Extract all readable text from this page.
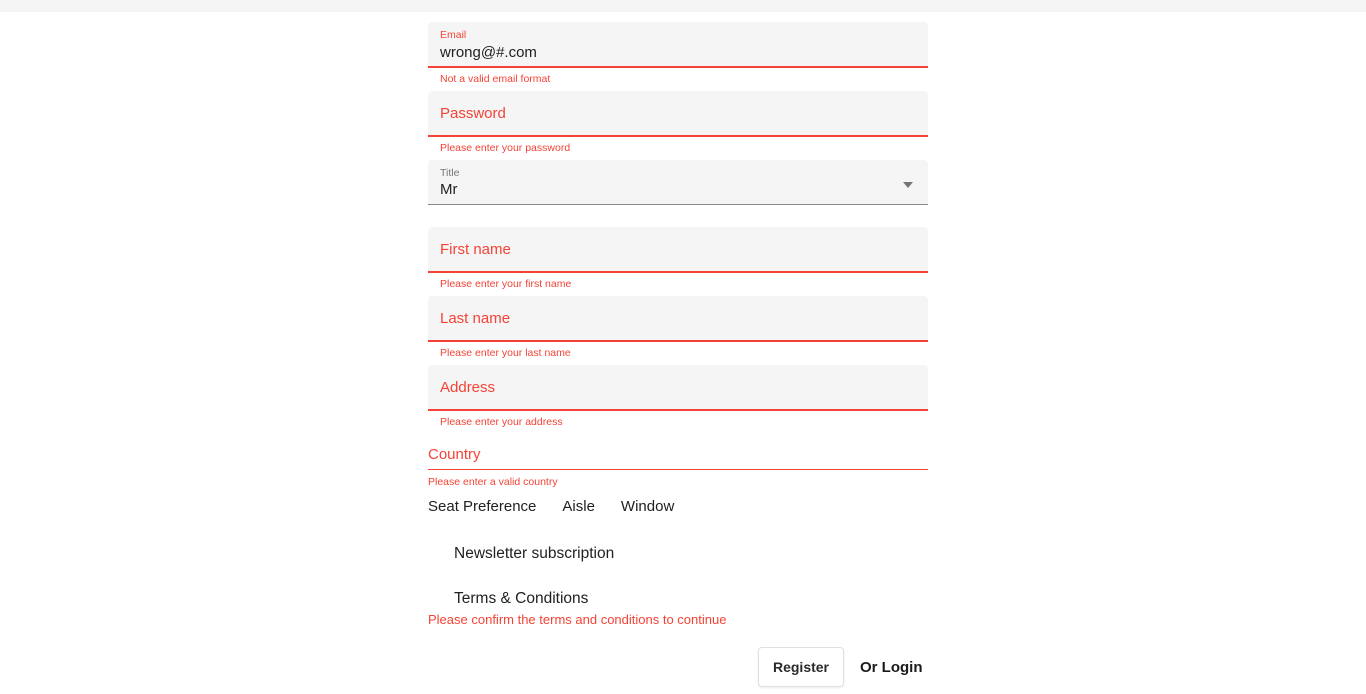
Email
wrong@#.com
Not a valid email format
Password
Please enter your password
Title
Mr
First name
Please enter your first name
Last name
Please enter your last name
Address
Please enter your address
Country
Please enter a valid country
Seat Preference Aisle Window
Newsletter subscription
Terms & Conditions
Please confirm the terms and conditions to continue
Register	Or Login
